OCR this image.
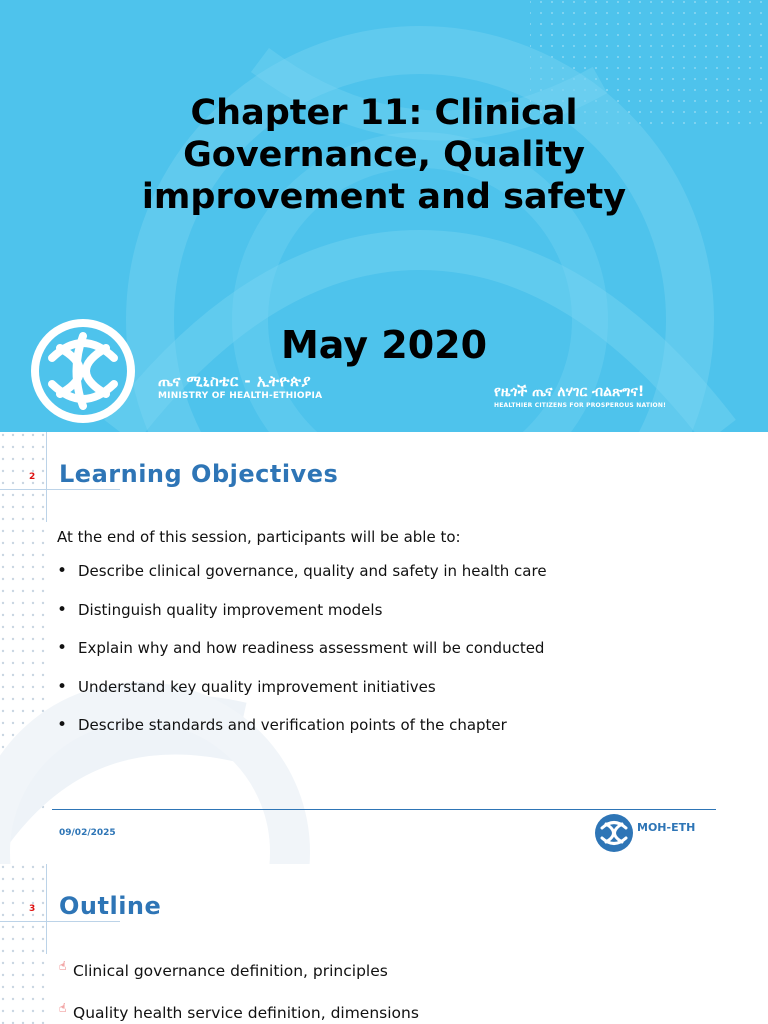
Chapter 11: Clinical Governance, Quality improvement and safety
May 2020
ጤና ሚኒስቴር - ኢትዮጵያ
MINISTRY OF HEALTH-ETHIOPIA	የዜጎች ጤና ለሃገር ብልጽግና!
HEALTHIER CITIZENS FOR PROSPEROUS NATION!
2 Learning Objectives
At the end of this session, participants will be able to:
• Describe clinical governance, quality and safety in health care
• Distinguish quality improvement models
• Explain why and how readiness assessment will be conducted
• Understand key quality improvement initiatives
• Describe standards and verification points of the chapter
09/02/2025	MOH-ETH
3 Outline
☝ Clinical governance definition, principles
☝ Quality health service definition, dimensions
